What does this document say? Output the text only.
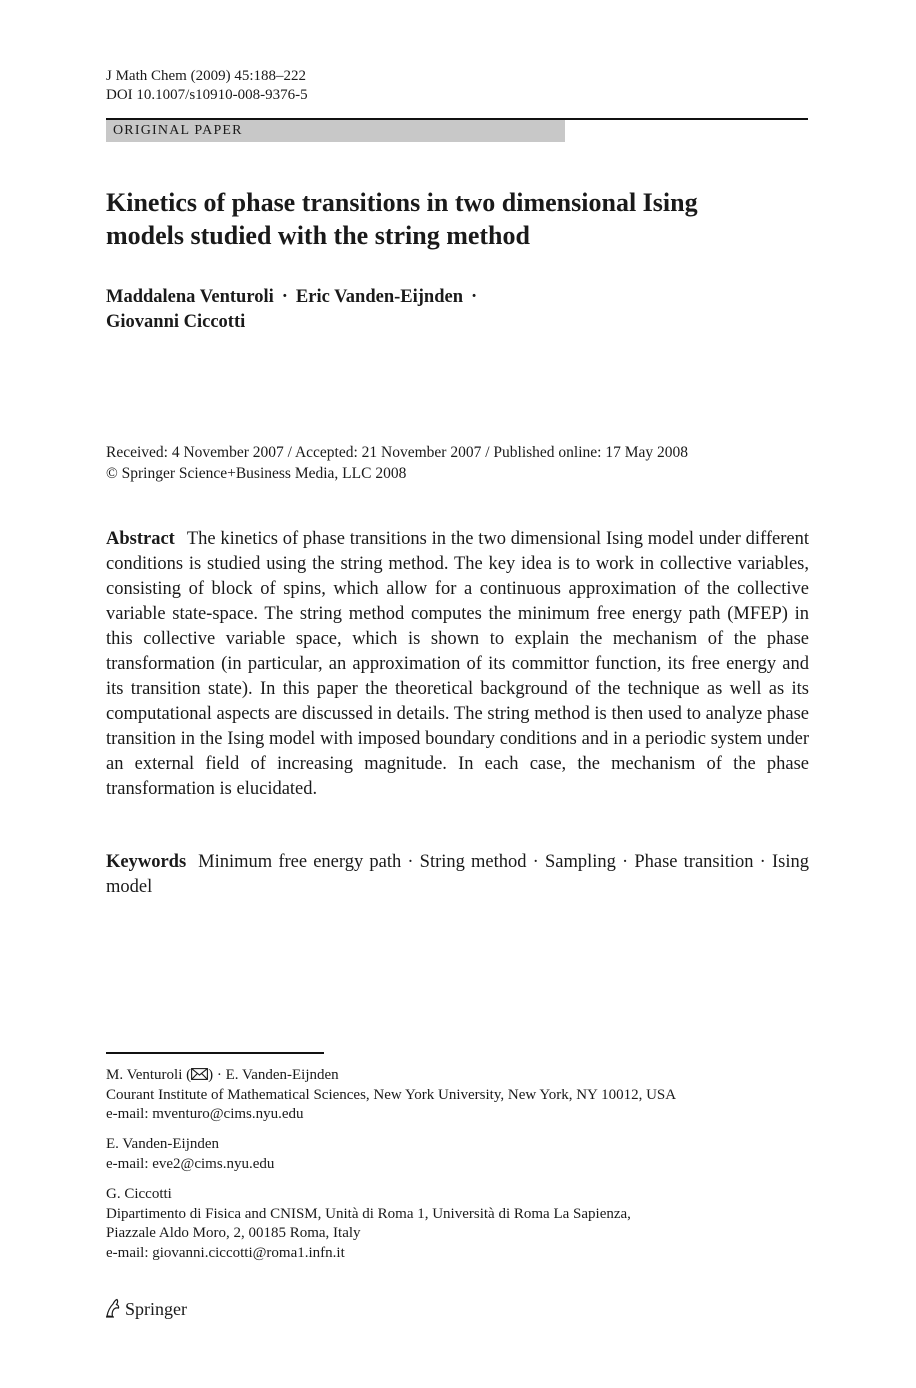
J Math Chem (2009) 45:188–222
DOI 10.1007/s10910-008-9376-5
ORIGINAL PAPER
Kinetics of phase transitions in two dimensional Ising
models studied with the string method
Maddalena Venturoli · Eric Vanden-Eijnden ·
Giovanni Ciccotti
Received: 4 November 2007 / Accepted: 21 November 2007 / Published online: 17 May 2008
© Springer Science+Business Media, LLC 2008
Abstract The kinetics of phase transitions in the two dimensional Ising model under different conditions is studied using the string method. The key idea is to work in collective variables, consisting of block of spins, which allow for a continuous approximation of the collective variable state-space. The string method computes the minimum free energy path (MFEP) in this collective variable space, which is shown to explain the mechanism of the phase transformation (in particular, an approximation of its committor function, its free energy and its transition state). In this paper the theoretical background of the technique as well as its computational aspects are discussed in details. The string method is then used to analyze phase transition in the Ising model with imposed boundary conditions and in a periodic system under an external field of increasing magnitude. In each case, the mechanism of the phase transformation is elucidated.
Keywords Minimum free energy path · String method · Sampling · Phase transition · Ising model
M. Venturoli ( ) · E. Vanden-Eijnden
Courant Institute of Mathematical Sciences, New York University, New York, NY 10012, USA
e-mail: mventuro@cims.nyu.edu
E. Vanden-Eijnden
e-mail: eve2@cims.nyu.edu
G. Ciccotti
Dipartimento di Fisica and CNISM, Unità di Roma 1, Università di Roma La Sapienza,
Piazzale Aldo Moro, 2, 00185 Roma, Italy
e-mail: giovanni.ciccotti@roma1.infn.it
Springer
